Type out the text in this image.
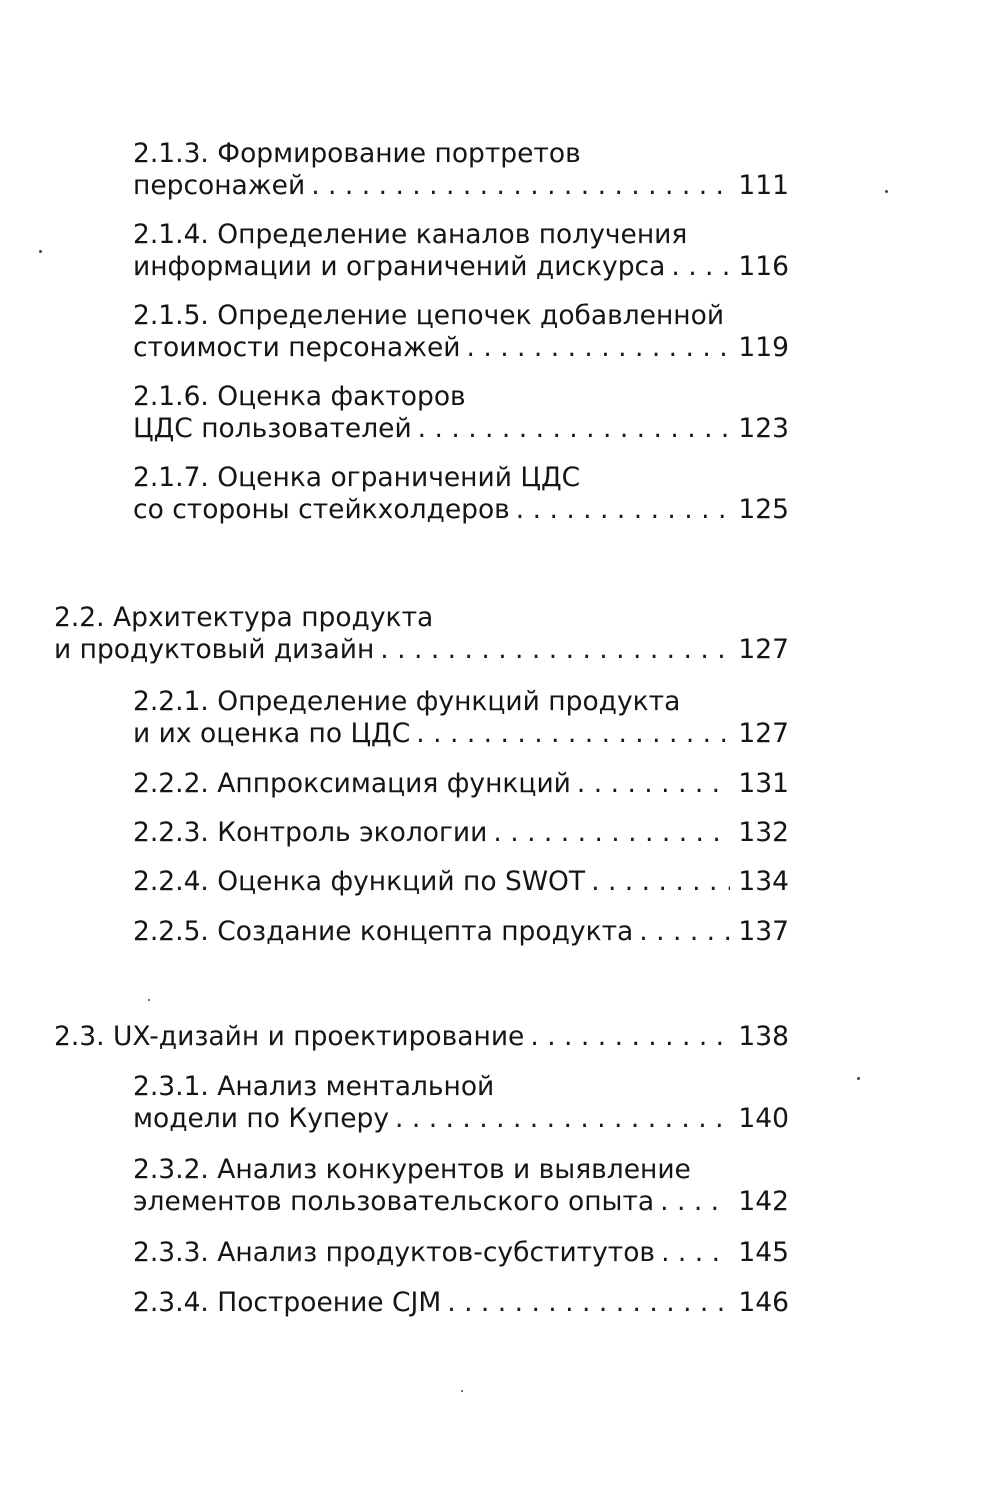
2.1.3. Формирование портретов
персонажей . . .	111
2.1.4. Определение каналов получения
информации и ограничений дискурса . . .	116
2.1.5. Определение цепочек добавленной
стоимости персонажей . . .	119
2.1.6. Оценка факторов
ЦДС пользователей . . .	123
2.1.7. Оценка ограничений ЦДС
со стороны стейкхолдеров . . .	125
2.2. Архитектура продукта
и продуктовый дизайн . . .	127
2.2.1. Определение функций продукта
и их оценка по ЦДС . . .	127
2.2.2. Аппроксимация функций . . .	131
2.2.3. Контроль экологии . . .	132
2.2.4. Оценка функций по SWOT . . .	134
2.2.5. Создание концепта продукта . . .	137
2.3. UX-дизайн и проектирование . . .	138
2.3.1. Анализ ментальной
модели по Куперу . . .	140
2.3.2. Анализ конкурентов и выявление
элементов пользовательского опыта . . .	142
2.3.3. Анализ продуктов-субститутов . . .	145
2.3.4. Построение CJM . . .	146
